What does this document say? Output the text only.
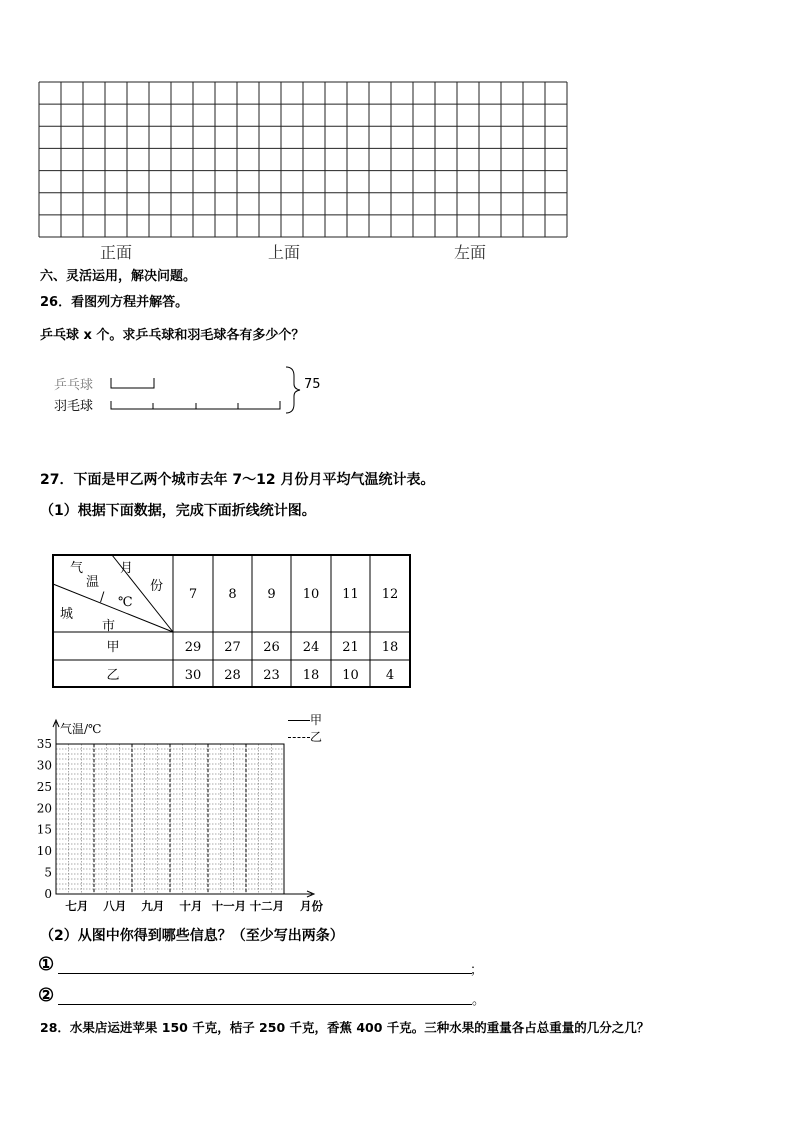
正面	上面	左面
六、灵活运用，解决问题。
26．看图列方程并解答。
乒乓球 x 个。求乒乓球和羽毛球各有多少个？
乒乓球
羽毛球
75
27．下面是甲乙两个城市去年 7～12 月份月平均气温统计表。
（1）根据下面数据，完成下面折线统计图。
月
份
气
温
/ ℃
城
市
7 8 9 10 11 12
甲	29 27 26 24 21 18
乙	30 28 23 18 10 4
甲
乙
0
5
10
15
20
25
30
35
七月 八月 九月 十月 十一月 十二月 月份
气温/℃
（2）从图中你得到哪些信息？（至少写出两条）
①	；
②	。
28．水果店运进苹果 150 千克，桔子 250 千克，香蕉 400 千克。三种水果的重量各占总重量的几分之几？
